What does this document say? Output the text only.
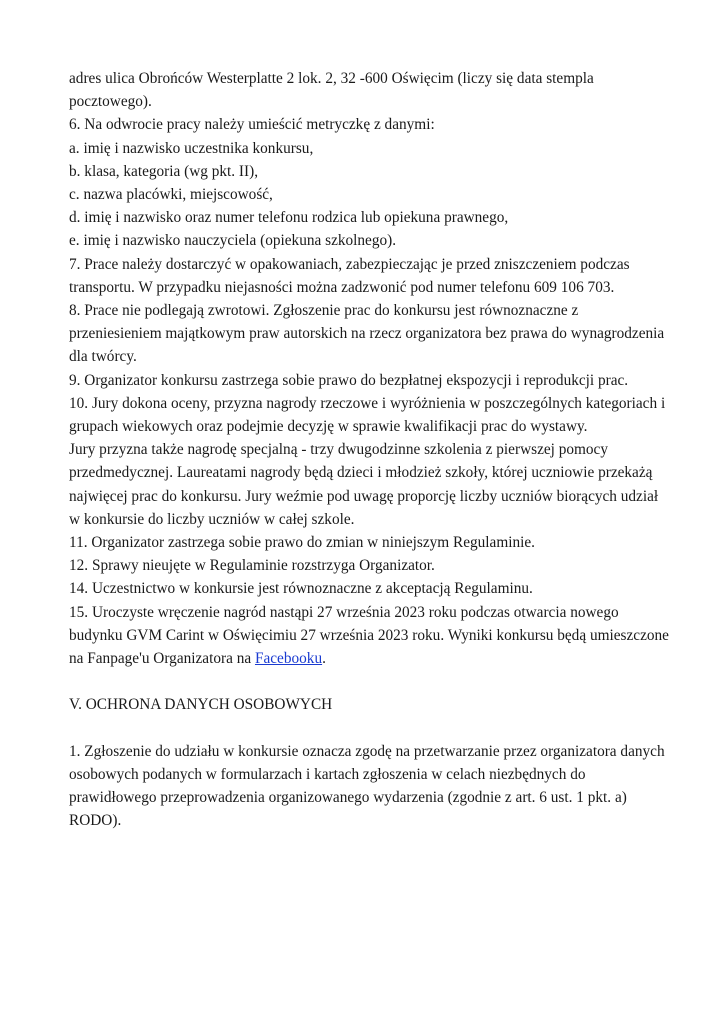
adres ulica Obrońców Westerplatte 2 lok. 2, 32 -600 Oświęcim (liczy się data stempla pocztowego).

6. Na odwrocie pracy należy umieścić metryczkę z danymi:

a. imię i nazwisko uczestnika konkursu,

b. klasa, kategoria (wg pkt. II),

c. nazwa placówki, miejscowość,

d. imię i nazwisko oraz numer telefonu rodzica lub opiekuna prawnego,

e. imię i nazwisko nauczyciela (opiekuna szkolnego).

7. Prace należy dostarczyć w opakowaniach, zabezpieczając je przed zniszczeniem podczas transportu. W przypadku niejasności można zadzwonić pod numer telefonu 609 106 703.

8. Prace nie podlegają zwrotowi. Zgłoszenie prac do konkursu jest równoznaczne z przeniesieniem majątkowym praw autorskich na rzecz organizatora bez prawa do wynagrodzenia dla twórcy.

9. Organizator konkursu zastrzega sobie prawo do bezpłatnej ekspozycji i reprodukcji prac.

10. Jury dokona oceny, przyzna nagrody rzeczowe i wyróżnienia w poszczególnych kategoriach i grupach wiekowych oraz podejmie decyzję w sprawie kwalifikacji prac do wystawy.

Jury przyzna także nagrodę specjalną - trzy dwugodzinne szkolenia z pierwszej pomocy przedmedycznej. Laureatami nagrody będą dzieci i młodzież szkoły, której uczniowie przekażą najwięcej prac do konkursu. Jury weźmie pod uwagę proporcję liczby uczniów biorących udział w konkursie do liczby uczniów w całej szkole.

11. Organizator zastrzega sobie prawo do zmian w niniejszym Regulaminie.

12. Sprawy nieujęte w Regulaminie rozstrzyga Organizator.

14. Uczestnictwo w konkursie jest równoznaczne z akceptacją Regulaminu.

15. Uroczyste wręczenie nagród nastąpi 27 września 2023 roku podczas otwarcia nowego budynku GVM Carint w Oświęcimiu 27 września 2023 roku. Wyniki konkursu będą umieszczone na Fanpage'u Organizatora na Facebooku.

V. OCHRONA DANYCH OSOBOWYCH

1. Zgłoszenie do udziału w konkursie oznacza zgodę na przetwarzanie przez organizatora danych osobowych podanych w formularzach i kartach zgłoszenia w celach niezbędnych do prawidłowego przeprowadzenia organizowanego wydarzenia (zgodnie z art. 6 ust. 1 pkt. a) RODO).
